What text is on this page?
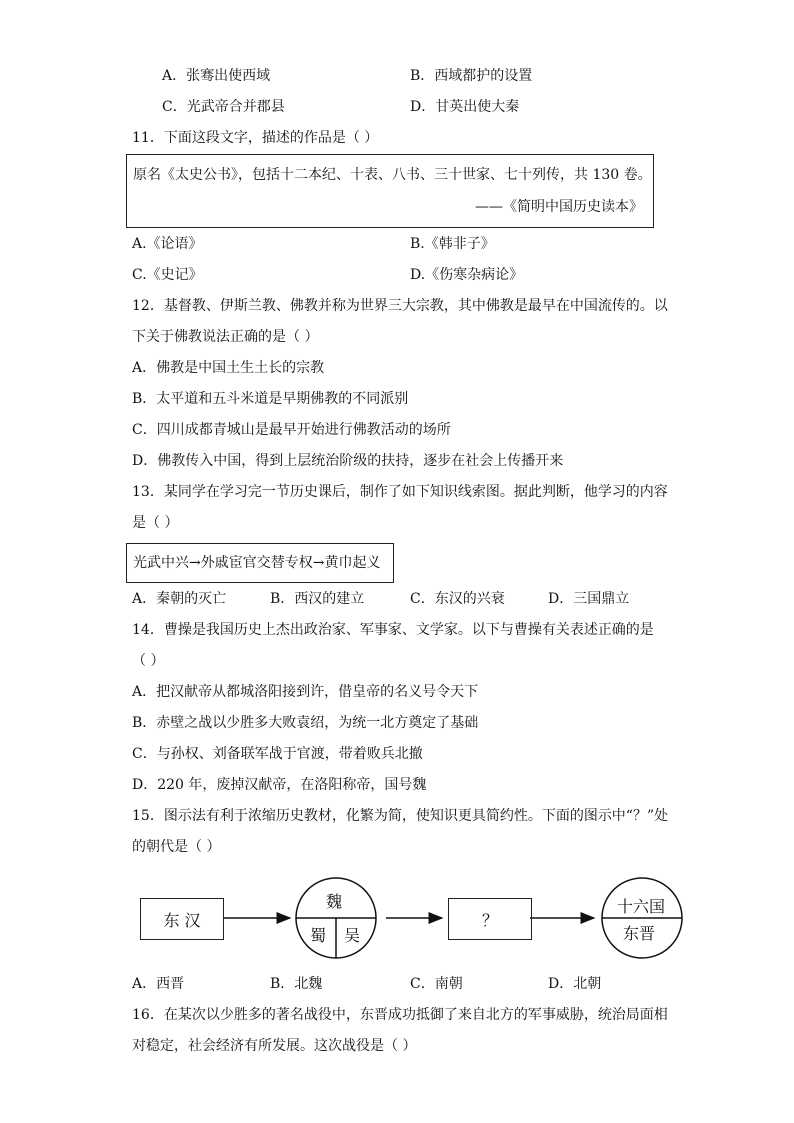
A．张骞出使西域	B．西域都护的设置
C．光武帝合并郡县	D．甘英出使大秦
11．下面这段文字，描述的作品是（ ）
原名《太史公书》，包括十二本纪、十表、八书、三十世家、七十列传，共 130 卷。
——《简明中国历史读本》
A.《论语》	B.《韩非子》
C.《史记》	D.《伤寒杂病论》
12．基督教、伊斯兰教、佛教并称为世界三大宗教，其中佛教是最早在中国流传的。以
下关于佛教说法正确的是（ ）
A．佛教是中国土生土长的宗教
B．太平道和五斗米道是早期佛教的不同派别
C．四川成都青城山是最早开始进行佛教活动的场所
D．佛教传入中国，得到上层统治阶级的扶持，逐步在社会上传播开来
13．某同学在学习完一节历史课后，制作了如下知识线索图。据此判断，他学习的内容
是（ ）
光武中兴→外戚宦官交替专权→黄巾起义
A．秦朝的灭亡	B．西汉的建立	C．东汉的兴衰	D．三国鼎立
14．曹操是我国历史上杰出政治家、军事家、文学家。以下与曹操有关表述正确的是
（ ）
A．把汉献帝从都城洛阳接到许，借皇帝的名义号令天下
B．赤壁之战以少胜多大败袁绍，为统一北方奠定了基础
C．与孙权、刘备联军战于官渡，带着败兵北撤
D．220 年，废掉汉献帝，在洛阳称帝，国号魏
15．图示法有利于浓缩历史教材，化繁为简，使知识更具简约性。下面的图示中“？”处
的朝代是（ ）
东 汉
魏
蜀 吴
？
十六国
东晋
A．西晋	B．北魏	C．南朝	D．北朝
16．在某次以少胜多的著名战役中，东晋成功抵御了来自北方的军事威胁，统治局面相
对稳定，社会经济有所发展。这次战役是（ ）
